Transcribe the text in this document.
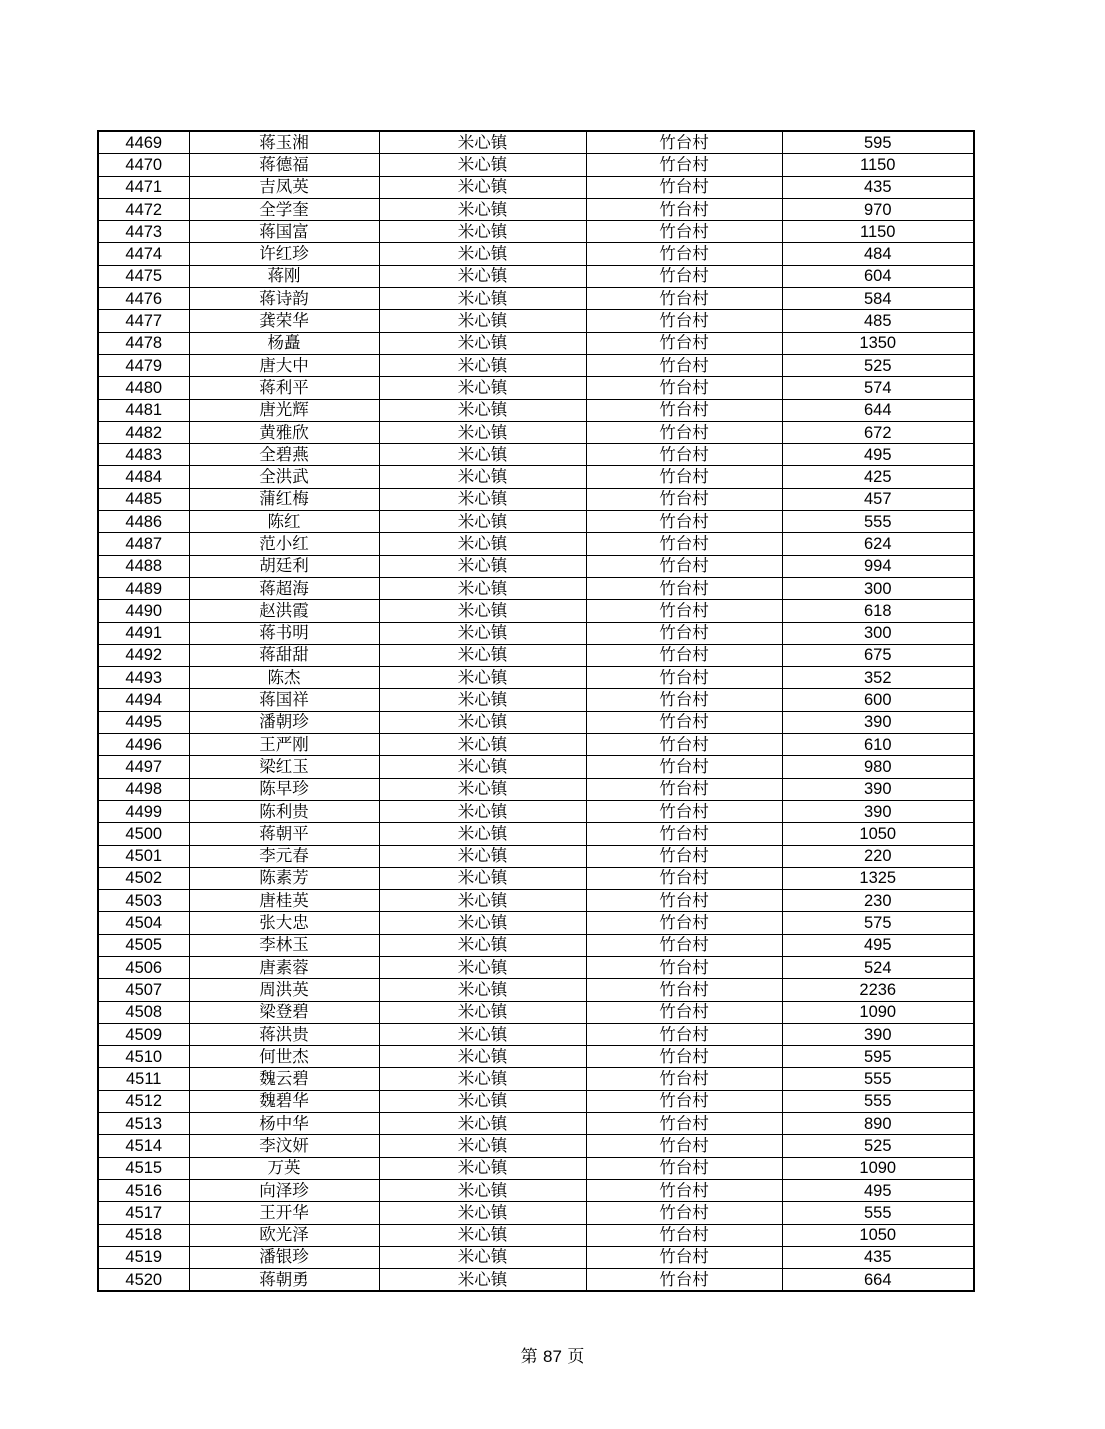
4469	蒋玉湘	米心镇	竹台村	595
4470	蒋德福	米心镇	竹台村	1150
4471	吉凤英	米心镇	竹台村	435
4472	全学奎	米心镇	竹台村	970
4473	蒋国富	米心镇	竹台村	1150
4474	许红珍	米心镇	竹台村	484
4475	蒋刚	米心镇	竹台村	604
4476	蒋诗韵	米心镇	竹台村	584
4477	龚荣华	米心镇	竹台村	485
4478	杨矗	米心镇	竹台村	1350
4479	唐大中	米心镇	竹台村	525
4480	蒋利平	米心镇	竹台村	574
4481	唐光辉	米心镇	竹台村	644
4482	黄雅欣	米心镇	竹台村	672
4483	全碧燕	米心镇	竹台村	495
4484	全洪武	米心镇	竹台村	425
4485	蒲红梅	米心镇	竹台村	457
4486	陈红	米心镇	竹台村	555
4487	范小红	米心镇	竹台村	624
4488	胡廷利	米心镇	竹台村	994
4489	蒋超海	米心镇	竹台村	300
4490	赵洪霞	米心镇	竹台村	618
4491	蒋书明	米心镇	竹台村	300
4492	蒋甜甜	米心镇	竹台村	675
4493	陈杰	米心镇	竹台村	352
4494	蒋国祥	米心镇	竹台村	600
4495	潘朝珍	米心镇	竹台村	390
4496	王严刚	米心镇	竹台村	610
4497	梁红玉	米心镇	竹台村	980
4498	陈早珍	米心镇	竹台村	390
4499	陈利贵	米心镇	竹台村	390
4500	蒋朝平	米心镇	竹台村	1050
4501	李元春	米心镇	竹台村	220
4502	陈素芳	米心镇	竹台村	1325
4503	唐桂英	米心镇	竹台村	230
4504	张大忠	米心镇	竹台村	575
4505	李林玉	米心镇	竹台村	495
4506	唐素蓉	米心镇	竹台村	524
4507	周洪英	米心镇	竹台村	2236
4508	梁登碧	米心镇	竹台村	1090
4509	蒋洪贵	米心镇	竹台村	390
4510	何世杰	米心镇	竹台村	595
4511	魏云碧	米心镇	竹台村	555
4512	魏碧华	米心镇	竹台村	555
4513	杨中华	米心镇	竹台村	890
4514	李汶妍	米心镇	竹台村	525
4515	万英	米心镇	竹台村	1090
4516	向泽珍	米心镇	竹台村	495
4517	王开华	米心镇	竹台村	555
4518	欧光泽	米心镇	竹台村	1050
4519	潘银珍	米心镇	竹台村	435
4520	蒋朝勇	米心镇	竹台村	664
第 87 页
